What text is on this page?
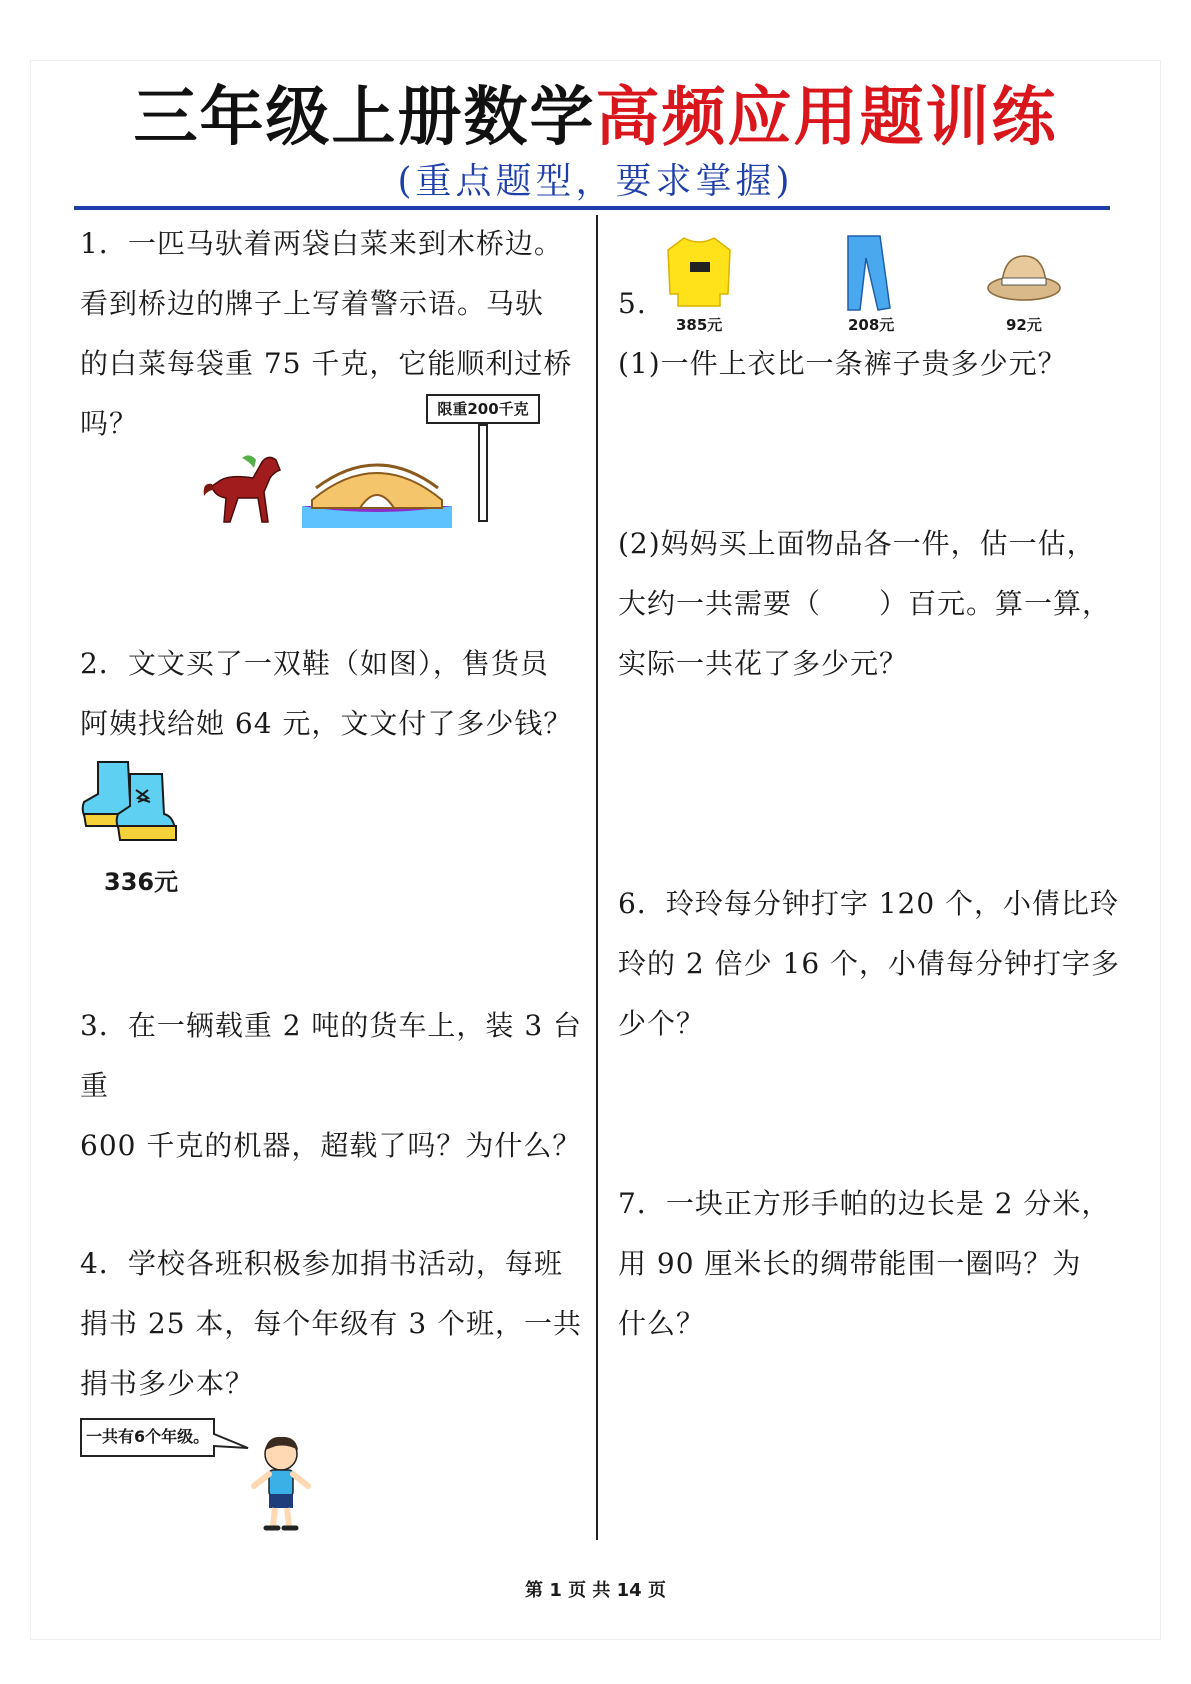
三年级上册数学高频应用题训练
(重点题型，要求掌握)

1．一匹马驮着两袋白菜来到木桥边。

看到桥边的牌子上写着警示语。马驮

的白菜每袋重 75 千克，它能顺利过桥

吗？	限重200千克

2．文文买了一双鞋（如图），售货员

阿姨找给她 64 元，文文付了多少钱？

336元

3．在一辆载重 2 吨的货车上，装 3 台重

600 千克的机器，超载了吗？为什么？

4．学校各班积极参加捐书活动，每班

捐书 25 本，每个年级有 3 个班，一共

捐书多少本？

一共有6个年级。
5.
385元	208元	92元

(1)一件上衣比一条裤子贵多少元？

(2)妈妈买上面物品各一件，估一估，

大约一共需要（　　）百元。算一算，

实际一共花了多少元？

6．玲玲每分钟打字 120 个，小倩比玲

玲的 2 倍少 16 个，小倩每分钟打字多

少个？

7．一块正方形手帕的边长是 2 分米，

用 90 厘米长的绸带能围一圈吗？为

什么？

第 1 页 共 14 页
